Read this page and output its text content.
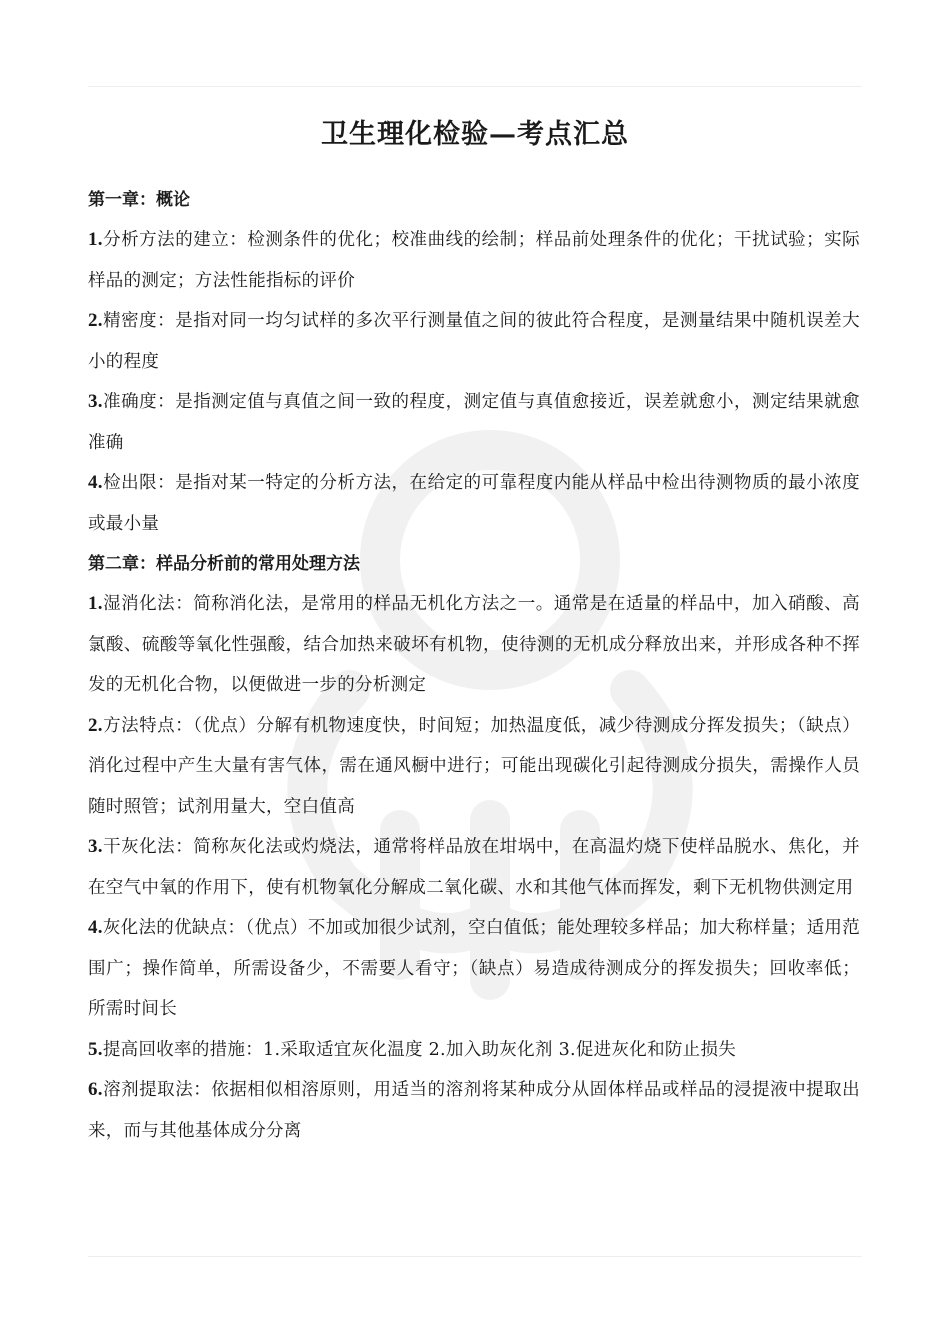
卫生理化检验—考点汇总

第一章：概论

1.分析方法的建立：检测条件的优化；校准曲线的绘制；样品前处理条件的优化；干扰试验；实际样品的测定；方法性能指标的评价

2.精密度：是指对同一均匀试样的多次平行测量值之间的彼此符合程度，是测量结果中随机误差大小的程度

3.准确度：是指测定值与真值之间一致的程度，测定值与真值愈接近，误差就愈小，测定结果就愈准确

4.检出限：是指对某一特定的分析方法，在给定的可靠程度内能从样品中检出待测物质的最小浓度或最小量

第二章：样品分析前的常用处理方法

1.湿消化法：简称消化法，是常用的样品无机化方法之一。通常是在适量的样品中，加入硝酸、高氯酸、硫酸等氧化性强酸，结合加热来破坏有机物，使待测的无机成分释放出来，并形成各种不挥发的无机化合物，以便做进一步的分析测定

2.方法特点：（优点）分解有机物速度快，时间短；加热温度低，减少待测成分挥发损失；（缺点）消化过程中产生大量有害气体，需在通风橱中进行；可能出现碳化引起待测成分损失，需操作人员随时照管；试剂用量大，空白值高

3.干灰化法：简称灰化法或灼烧法，通常将样品放在坩埚中，在高温灼烧下使样品脱水、焦化，并在空气中氧的作用下，使有机物氧化分解成二氧化碳、水和其他气体而挥发，剩下无机物供测定用

4.灰化法的优缺点：（优点）不加或加很少试剂，空白值低；能处理较多样品；加大称样量；适用范围广；操作简单，所需设备少，不需要人看守；（缺点）易造成待测成分的挥发损失；回收率低；所需时间长

5.提高回收率的措施：1.采取适宜灰化温度 2.加入助灰化剂 3.促进灰化和防止损失

6.溶剂提取法：依据相似相溶原则，用适当的溶剂将某种成分从固体样品或样品的浸提液中提取出来，而与其他基体成分分离
